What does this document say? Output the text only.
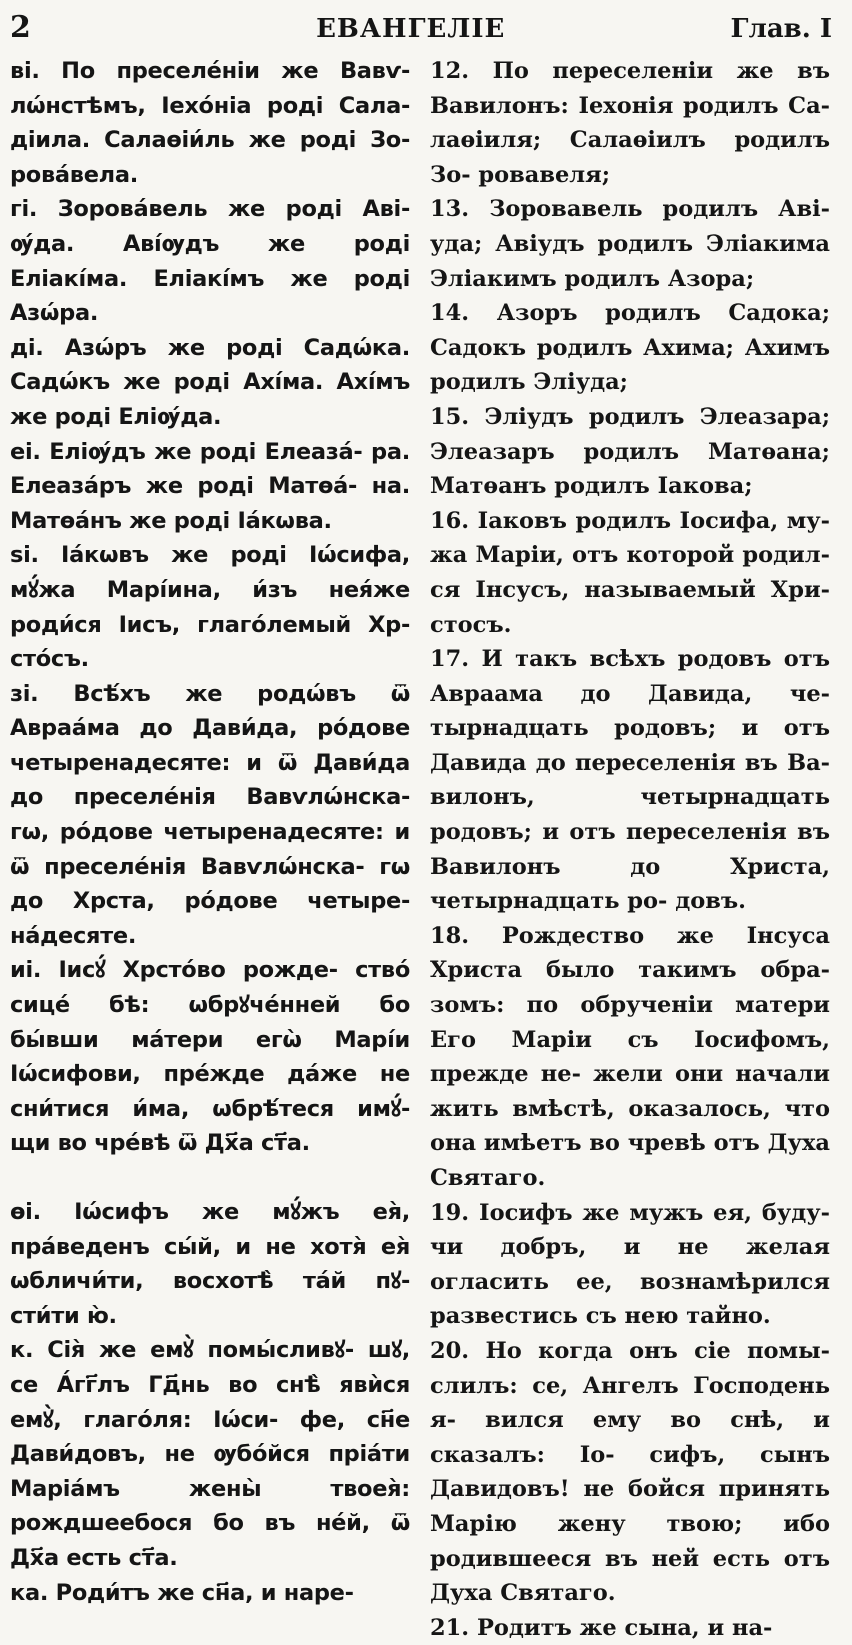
2	ЕВАНГЕЛІЕ	Глав. І

ві. По преселе́ніи же Вавѵ- лѡ́нстѣмъ, Іехо́ніа роді Сала- діила. Салаѳіи́ль же роді Зо- рова́вела.

гі. Зорова́вель же роді Аві- ѹ́да. Аві́ѹдъ же роді Еліакі́ма. Еліакі́мъ же роді Азѡ́ра.

ді. Азѡ́ръ же роді Садѡ́ка. Садѡ́къ же роді Ахі́ма. Ахі́мъ же роді Еліѹ́да.

еі. Еліѹ́дъ же роді Елеаза́- ра. Елеаза́ръ же роді Матѳа́- на. Матѳа́нъ же роді Іа́кѡва.

ѕі. Іа́кѡвъ же роді Іѡ́сифа, мꙋ́жа Марі́ина, и́зъ нея́же роди́ся Іисъ, глаго́лемый Хр- сто́съ.

зі. Всѣ́хъ же родѡ́въ ѿ Авраа́ма до Дави́да, ро́дове четыренадесяте: и ѿ Дави́да до преселе́нія Вавѵлѡ́нска- гѡ, ро́дове четыренадесяте: и ѿ преселе́нія Вавѵлѡ́нска- гѡ до Хрста, ро́дове четыре- на́десяте.

иі. Іисꙋ́ Хрсто́во рожде- ство́ сице́ бѣ: ѡбрꙋче́нней бо бы́вши ма́тери егѡ̀ Марі́и Іѡ́сифови, пре́жде да́же не сни́тися и́ма, ѡбрѣ́теся имꙋ́- щи во чре́вѣ ѿ Дх҃а ст҃а.

ѳі. Іѡ́сифъ же мꙋ́жъ ея̀, пра́веденъ сы́й, и не хотя̀ ея̀ ѡбличи́ти, восхотѣ̀ та́й пꙋ- сти́ти ю̀.

к. Сія̀ же емꙋ̀ помы́сливꙋ- шꙋ, се А́гг҃лъ Гд҃нь во снѣ̀ явѝся емꙋ̀, глаго́ля: Іѡ́си- фе, сн҃е Дави́довъ, не ѹбо́йся пріа́ти Маріа́мъ жены̀ твоея̀: рождшеебося бо въ не́й, ѿ Дх҃а есть ст҃а.

ка. Роди́тъ же сн҃а, и наре-

12. По переселеніи же въ Вавилонъ: Іехонія родилъ Са- лаѳіиля; Салаѳіилъ родилъ Зо- ровавеля;

13. Зоровавель родилъ Аві- уда; Авіудъ родилъ Эліакима Эліакимъ родилъ Азора;

14. Азоръ родилъ Садока; Садокъ родилъ Ахима; Ахимъ родилъ Эліуда;

15. Эліудъ родилъ Элеазара; Элеазаръ родилъ Матѳана; Матѳанъ родилъ Іакова;

16. Іаковъ родилъ Іосифа, му- жа Маріи, отъ которой родил- ся Інсусъ, называемый Хри- стосъ.

17. И такъ всѣхъ родовъ отъ Авраама до Давида, че- тырнадцать родовъ; и отъ Давида до переселенія въ Ва- вилонъ, четырнадцать родовъ; и отъ переселенія въ Вавилонъ до Христа, четырнадцать ро- довъ.

18. Рождество же Інсуса Христа было такимъ обра- зомъ: по обрученіи матери Его Маріи съ Іосифомъ, прежде не- жели они начали жить вмѣстѣ, оказалось, что она имѣетъ во чревѣ отъ Духа Святаго.

19. Іосифъ же мужъ ея, буду- чи добръ, и не желая огласить ее, вознамѣрился развестись съ нею тайно.

20. Но когда онъ сіе помы- слилъ: се, Ангелъ Господень я- вился ему во снѣ, и сказалъ: Іо- сифъ, сынъ Давидовъ! не бойся принять Марію жену твою; ибо родившееся въ ней есть отъ Духа Святаго.

21. Родитъ же сына, и на-
